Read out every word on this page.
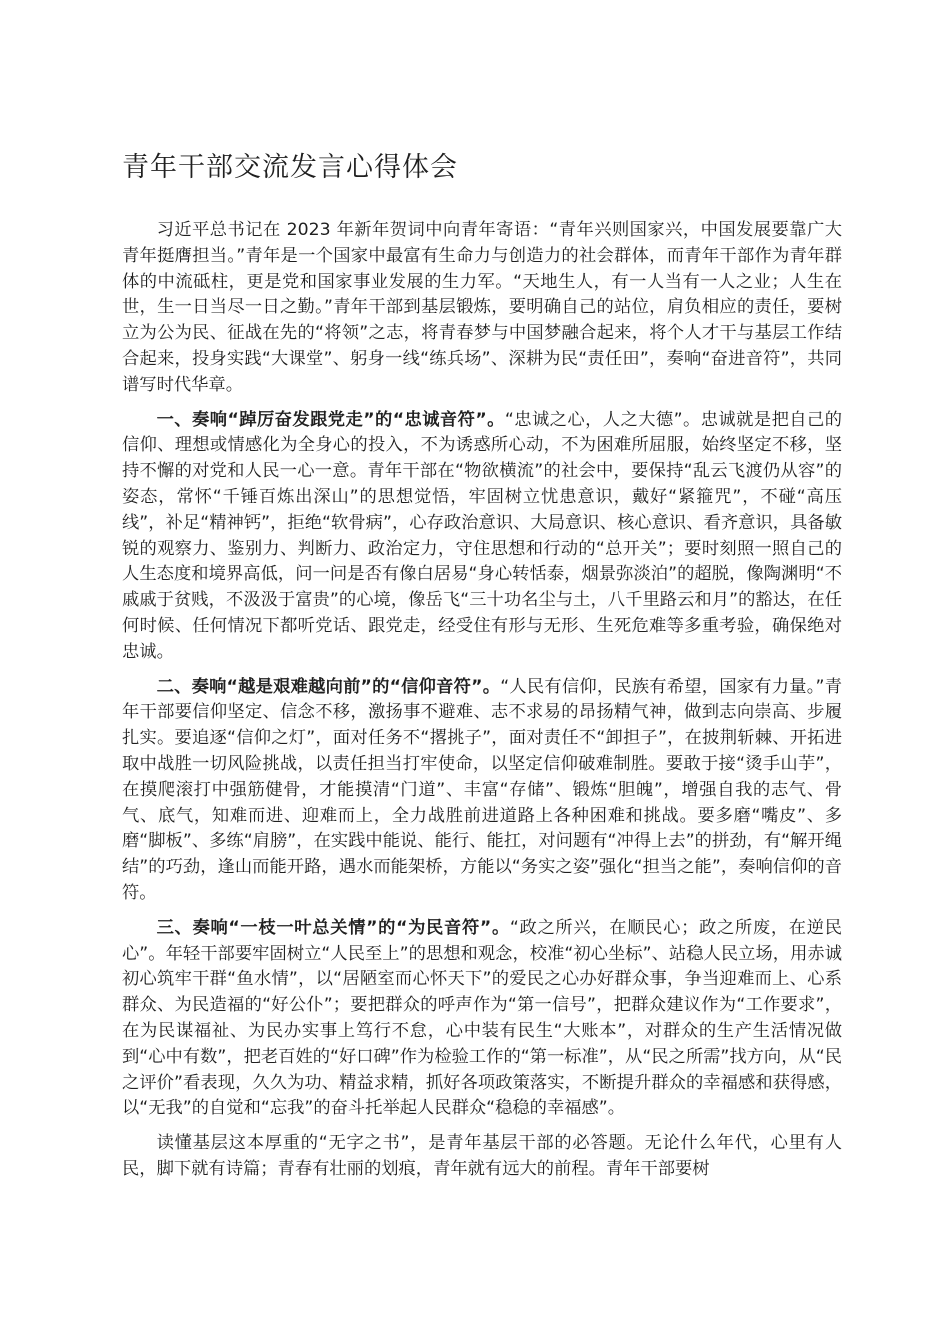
青年干部交流发言心得体会

习近平总书记在 2023 年新年贺词中向青年寄语：“青年兴则国家兴，中国发展要靠广大青年挺膺担当。”青年是一个国家中最富有生命力与创造力的社会群体，而青年干部作为青年群体的中流砥柱，更是党和国家事业发展的生力军。“天地生人，有一人当有一人之业；人生在世，生一日当尽一日之勤。”青年干部到基层锻炼，要明确自己的站位，肩负相应的责任，要树立为公为民、征战在先的“将领”之志，将青春梦与中国梦融合起来，将个人才干与基层工作结合起来，投身实践“大课堂”、躬身一线“练兵场”、深耕为民“责任田”，奏响“奋进音符”，共同谱写时代华章。

一、奏响“踔厉奋发跟党走”的“忠诚音符”。“忠诚之心，人之大德”。忠诚就是把自己的信仰、理想或情感化为全身心的投入，不为诱惑所心动，不为困难所屈服，始终坚定不移，坚持不懈的对党和人民一心一意。青年干部在“物欲横流”的社会中，要保持“乱云飞渡仍从容”的姿态，常怀“千锤百炼出深山”的思想觉悟，牢固树立忧患意识，戴好“紧箍咒”，不碰“高压线”，补足“精神钙”，拒绝“软骨病”，心存政治意识、大局意识、核心意识、看齐意识，具备敏锐的观察力、鉴别力、判断力、政治定力，守住思想和行动的“总开关”；要时刻照一照自己的人生态度和境界高低，问一问是否有像白居易“身心转恬泰，烟景弥淡泊”的超脱，像陶渊明“不戚戚于贫贱，不汲汲于富贵”的心境，像岳飞“三十功名尘与土，八千里路云和月”的豁达，在任何时候、任何情况下都听党话、跟党走，经受住有形与无形、生死危难等多重考验，确保绝对忠诚。

二、奏响“越是艰难越向前”的“信仰音符”。“人民有信仰，民族有希望，国家有力量。”青年干部要信仰坚定、信念不移，激扬事不避难、志不求易的昂扬精气神，做到志向崇高、步履扎实。要追逐“信仰之灯”，面对任务不“撂挑子”，面对责任不“卸担子”，在披荆斩棘、开拓进取中战胜一切风险挑战，以责任担当打牢使命，以坚定信仰破难制胜。要敢于接“烫手山芋”，在摸爬滚打中强筋健骨，才能摸清“门道”、丰富“存储”、锻炼“胆魄”，增强自我的志气、骨气、底气，知难而进、迎难而上，全力战胜前进道路上各种困难和挑战。要多磨“嘴皮”、多磨“脚板”、多练“肩膀”，在实践中能说、能行、能扛，对问题有“冲得上去”的拼劲，有“解开绳结”的巧劲，逢山而能开路，遇水而能架桥，方能以“务实之姿”强化“担当之能”，奏响信仰的音符。

三、奏响“一枝一叶总关情”的“为民音符”。“政之所兴，在顺民心；政之所废，在逆民心”。年轻干部要牢固树立“人民至上”的思想和观念，校准“初心坐标”、站稳人民立场，用赤诚初心筑牢干群“鱼水情”，以“居陋室而心怀天下”的爱民之心办好群众事，争当迎难而上、心系群众、为民造福的“好公仆”；要把群众的呼声作为“第一信号”，把群众建议作为“工作要求”，在为民谋福祉、为民办实事上笃行不怠，心中装有民生“大账本”，对群众的生产生活情况做到“心中有数”，把老百姓的“好口碑”作为检验工作的“第一标准”，从“民之所需”找方向，从“民之评价”看表现，久久为功、精益求精，抓好各项政策落实，不断提升群众的幸福感和获得感，以“无我”的自觉和“忘我”的奋斗托举起人民群众“稳稳的幸福感”。

读懂基层这本厚重的“无字之书”，是青年基层干部的必答题。无论什么年代，心里有人民，脚下就有诗篇；青春有壮丽的划痕，青年就有远大的前程。青年干部要树
